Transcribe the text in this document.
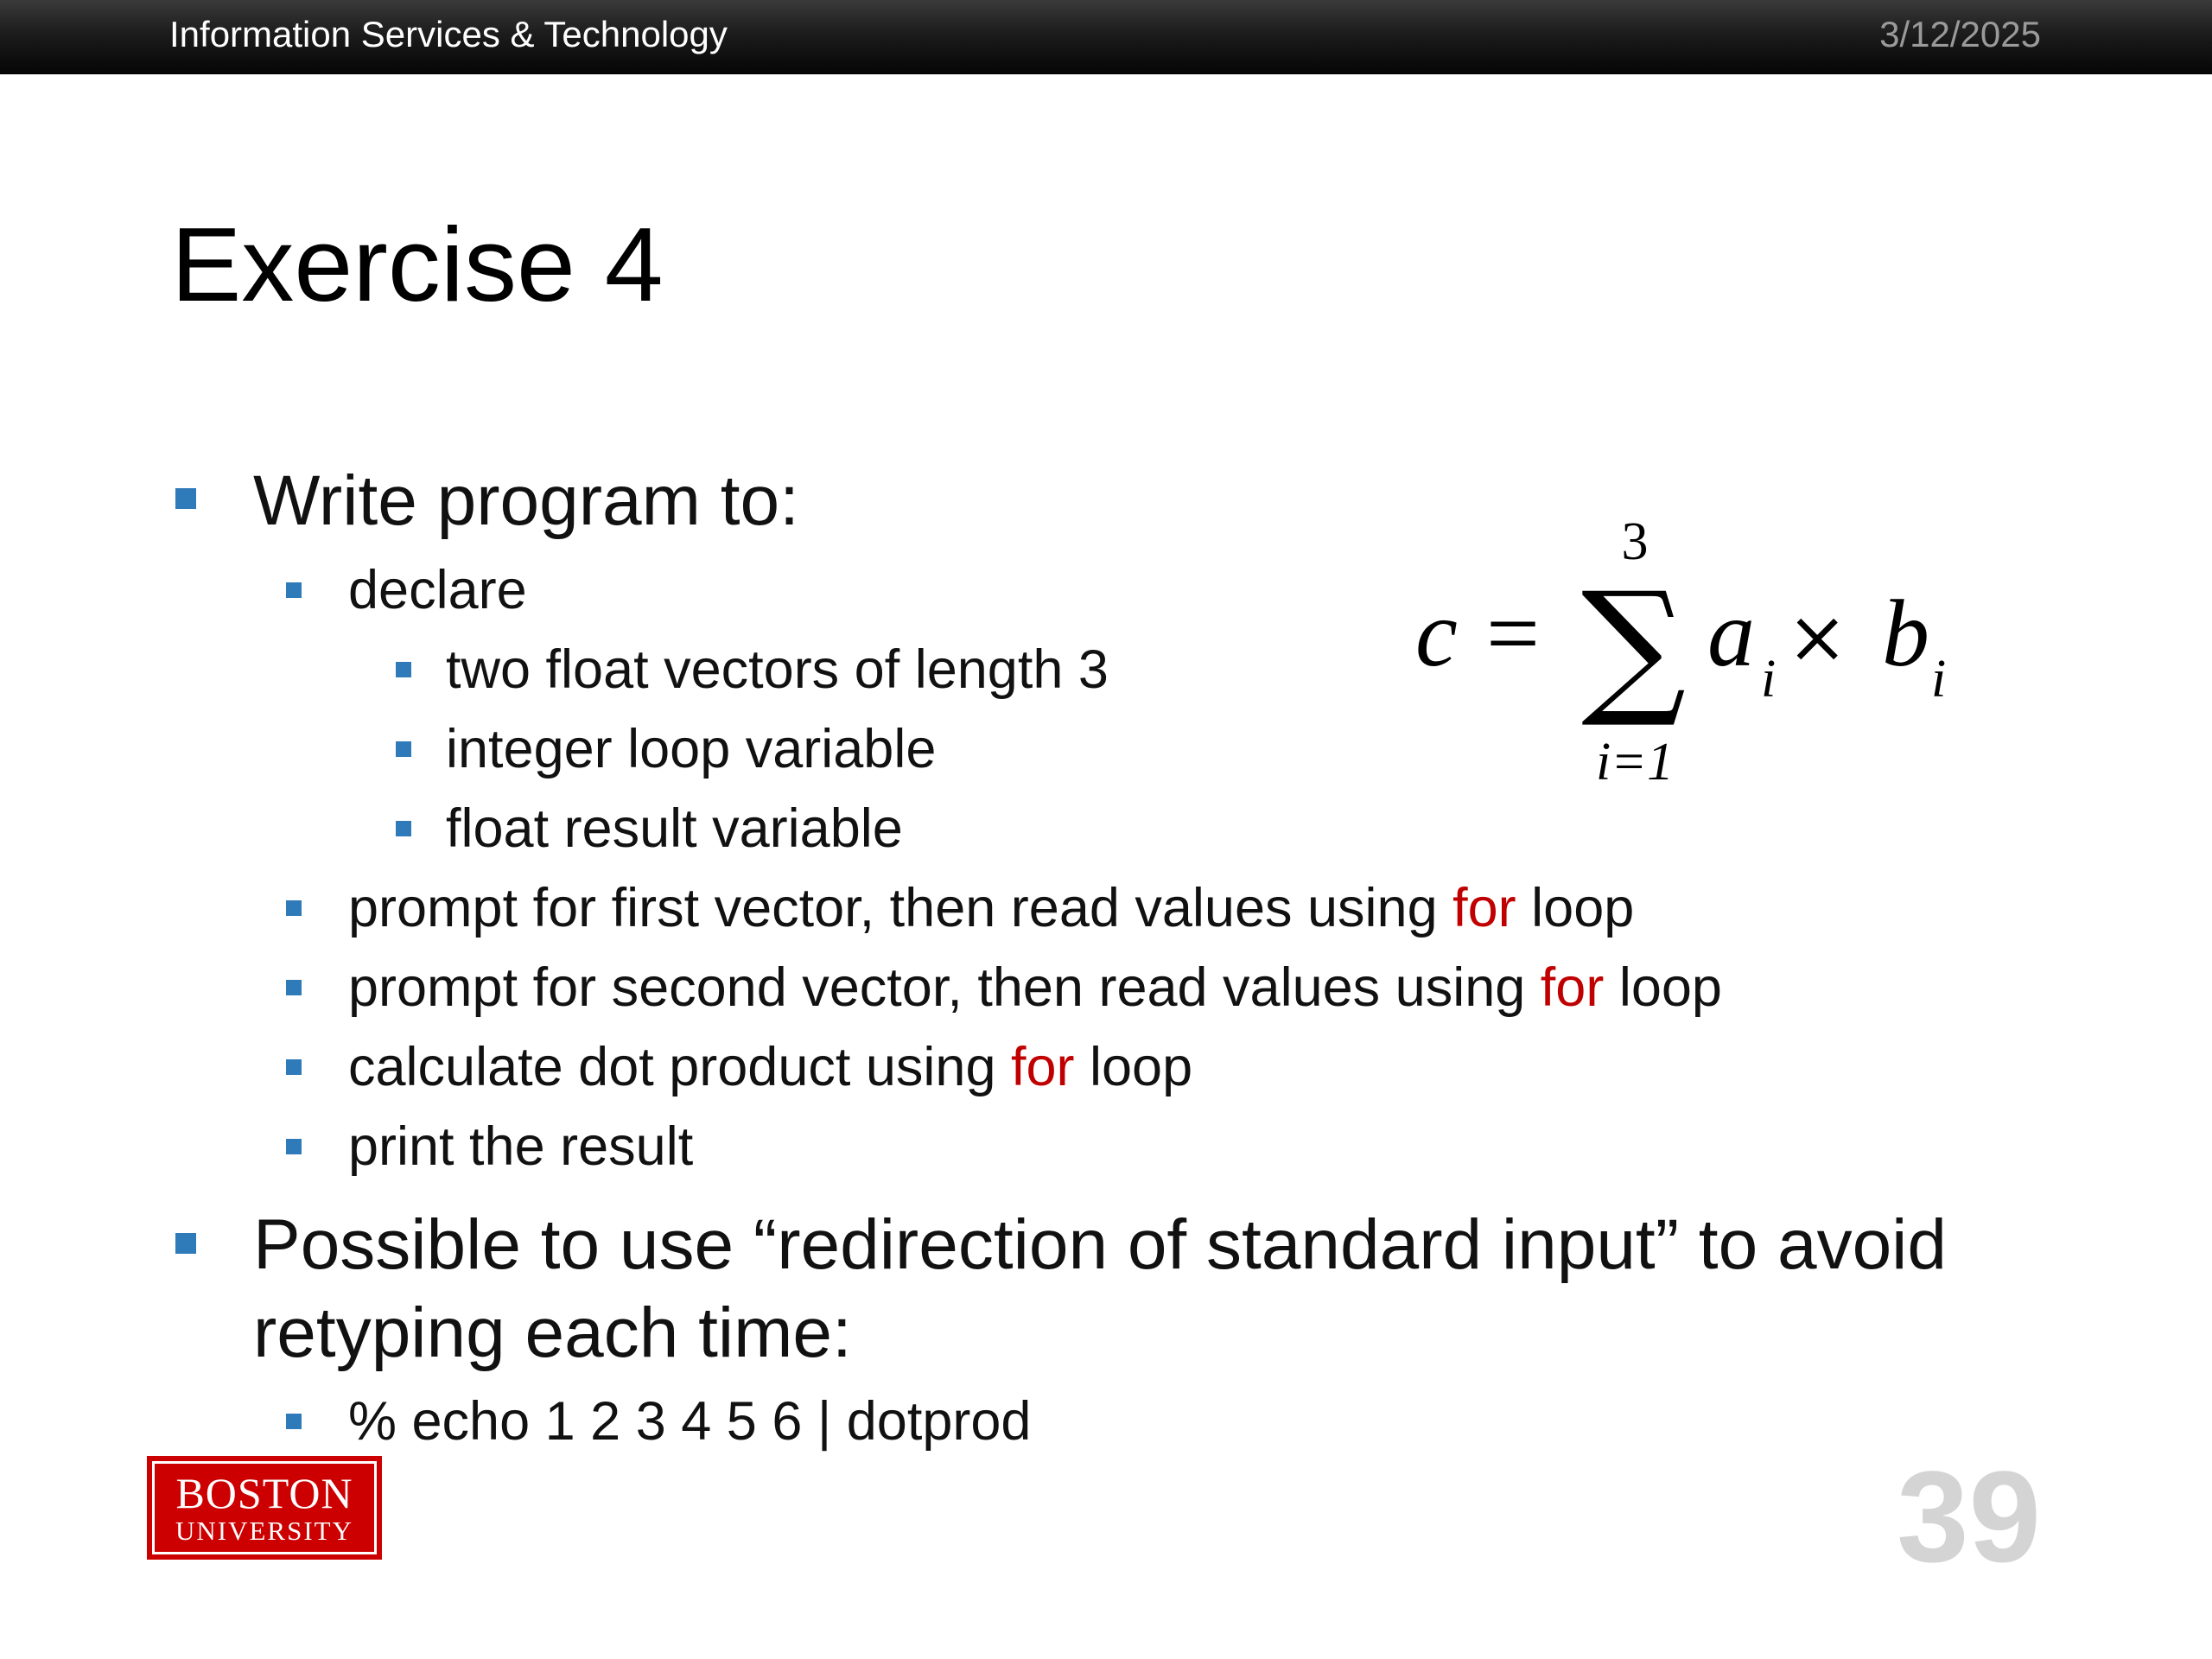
Information Services & Technology	3/12/2025
Exercise 4
Write program to:
declare
two float vectors of length 3
integer loop variable
float result variable
prompt for first vector, then read values using for loop
prompt for second vector, then read values using for loop
calculate dot product using for loop
print the result
Possible to use “redirection of standard input” to avoid
retyping each time:
% echo 1 2 3 4 5 6 | dotprod
3
c = ∑ a i × b i
i=1
BOSTON
UNIVERSITY	39
